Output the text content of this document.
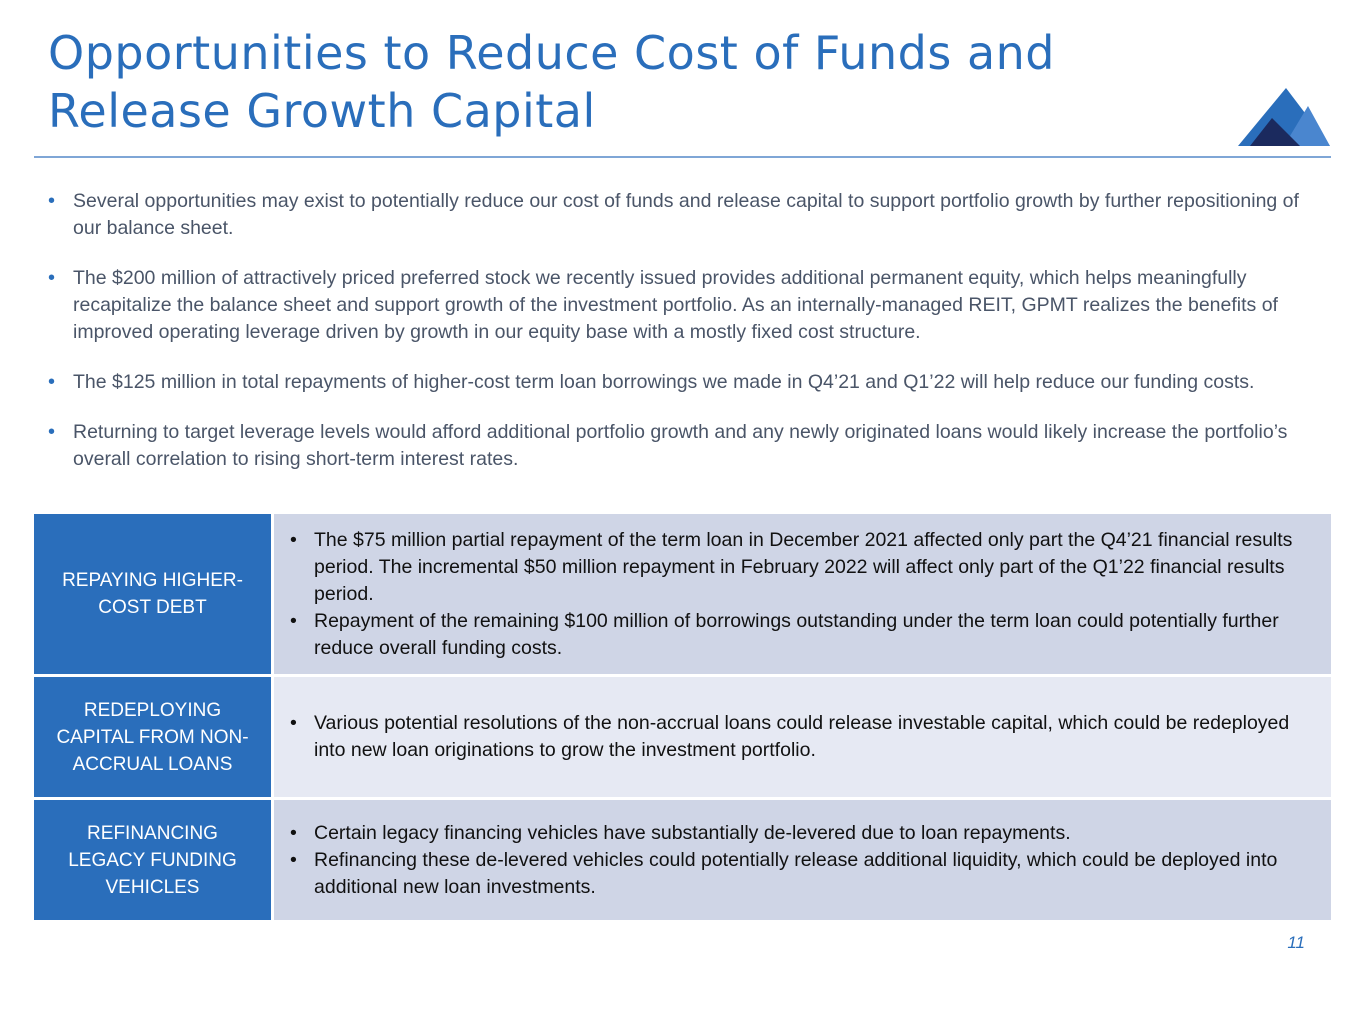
Opportunities to Reduce Cost of Funds and
Release Growth Capital
• Several opportunities may exist to potentially reduce our cost of funds and release capital to support portfolio growth by further repositioning of our balance sheet.
• The $200 million of attractively priced preferred stock we recently issued provides additional permanent equity, which helps meaningfully recapitalize the balance sheet and support growth of the investment portfolio. As an internally-managed REIT, GPMT realizes the benefits of improved operating leverage driven by growth in our equity base with a mostly fixed cost structure.
• The $125 million in total repayments of higher-cost term loan borrowings we made in Q4’21 and Q1’22 will help reduce our funding costs.
• Returning to target leverage levels would afford additional portfolio growth and any newly originated loans would likely increase the portfolio’s overall correlation to rising short-term interest rates.
REPAYING HIGHER-COST DEBT
• The $75 million partial repayment of the term loan in December 2021 affected only part the Q4’21 financial results period. The incremental $50 million repayment in February 2022 will affect only part of the Q1’22 financial results period.
• Repayment of the remaining $100 million of borrowings outstanding under the term loan could potentially further reduce overall funding costs.
REDEPLOYING CAPITAL FROM NON-ACCRUAL LOANS
• Various potential resolutions of the non-accrual loans could release investable capital, which could be redeployed into new loan originations to grow the investment portfolio.
REFINANCING LEGACY FUNDING VEHICLES
• Certain legacy financing vehicles have substantially de-levered due to loan repayments.
• Refinancing these de-levered vehicles could potentially release additional liquidity, which could be deployed into additional new loan investments.
11
